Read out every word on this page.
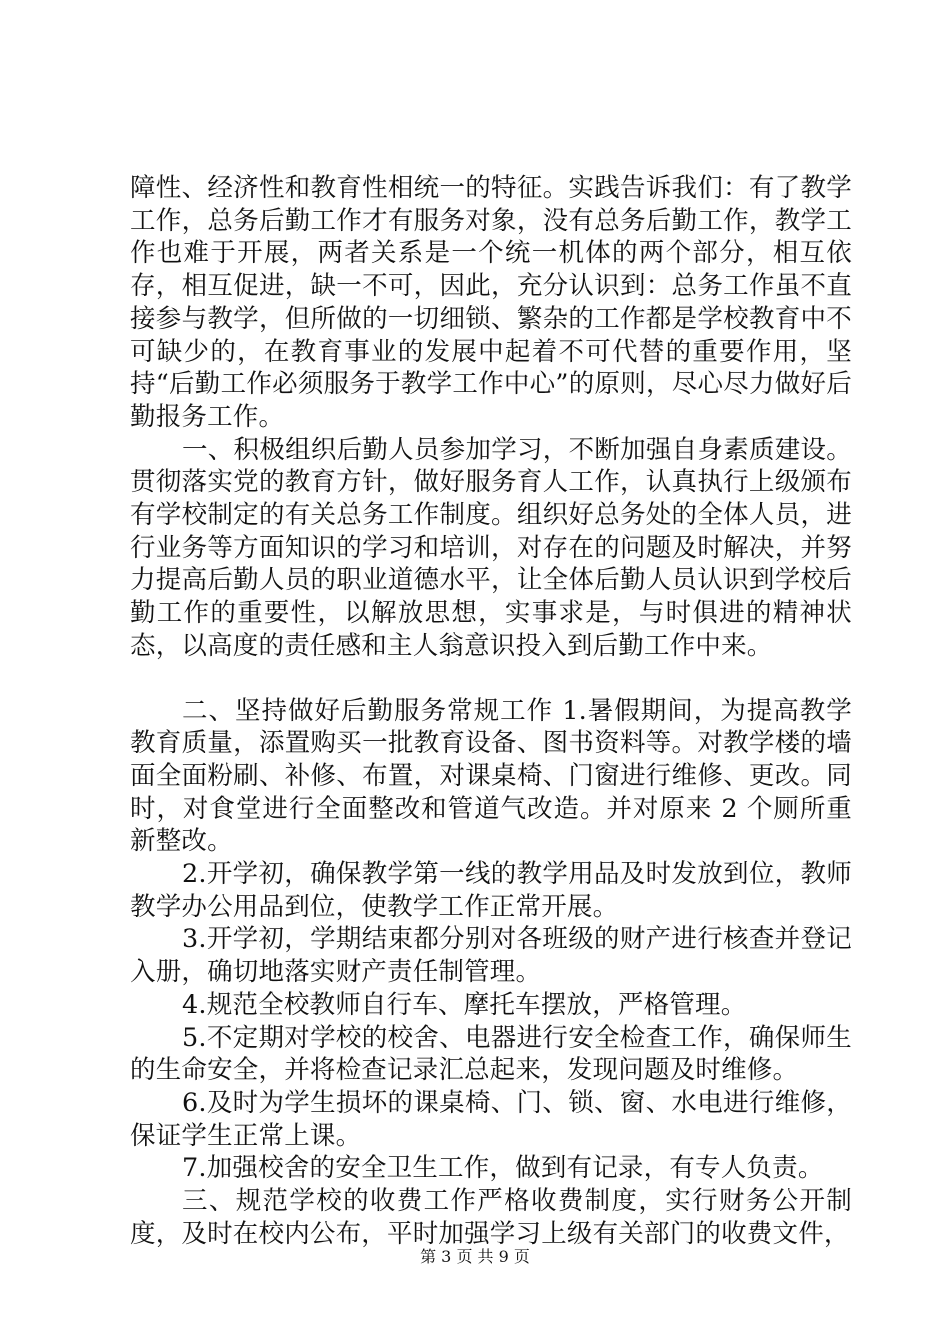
障性、经济性和教育性相统一的特征。实践告诉我们：有了教学工作，总务后勤工作才有服务对象，没有总务后勤工作，教学工作也难于开展，两者关系是一个统一机体的两个部分，相互依存，相互促进，缺一不可，因此，充分认识到：总务工作虽不直接参与教学，但所做的一切细锁、繁杂的工作都是学校教育中不可缺少的，在教育事业的发展中起着不可代替的重要作用，坚持“后勤工作必须服务于教学工作中心”的原则，尽心尽力做好后勤报务工作。

一、积极组织后勤人员参加学习，不断加强自身素质建设。贯彻落实党的教育方针，做好服务育人工作，认真执行上级颁布有学校制定的有关总务工作制度。组织好总务处的全体人员，进行业务等方面知识的学习和培训，对存在的问题及时解决，并努力提高后勤人员的职业道德水平，让全体后勤人员认识到学校后勤工作的重要性，以解放思想，实事求是，与时俱进的精神状态，以高度的责任感和主人翁意识投入到后勤工作中来。

二、坚持做好后勤服务常规工作 1.暑假期间，为提高教学教育质量，添置购买一批教育设备、图书资料等。对教学楼的墙面全面粉刷、补修、布置，对课桌椅、门窗进行维修、更改。同时，对食堂进行全面整改和管道气改造。并对原来 2 个厕所重新整改。

2.开学初，确保教学第一线的教学用品及时发放到位，教师教学办公用品到位，使教学工作正常开展。

3.开学初，学期结束都分别对各班级的财产进行核查并登记入册，确切地落实财产责任制管理。

4.规范全校教师自行车、摩托车摆放，严格管理。

5.不定期对学校的校舍、电器进行安全检查工作，确保师生的生命安全，并将检查记录汇总起来，发现问题及时维修。

6.及时为学生损坏的课桌椅、门、锁、窗、水电进行维修，保证学生正常上课。

7.加强校舍的安全卫生工作，做到有记录，有专人负责。

三、规范学校的收费工作严格收费制度，实行财务公开制度，及时在校内公布，平时加强学习上级有关部门的收费文件，

第 3 页 共 9 页
